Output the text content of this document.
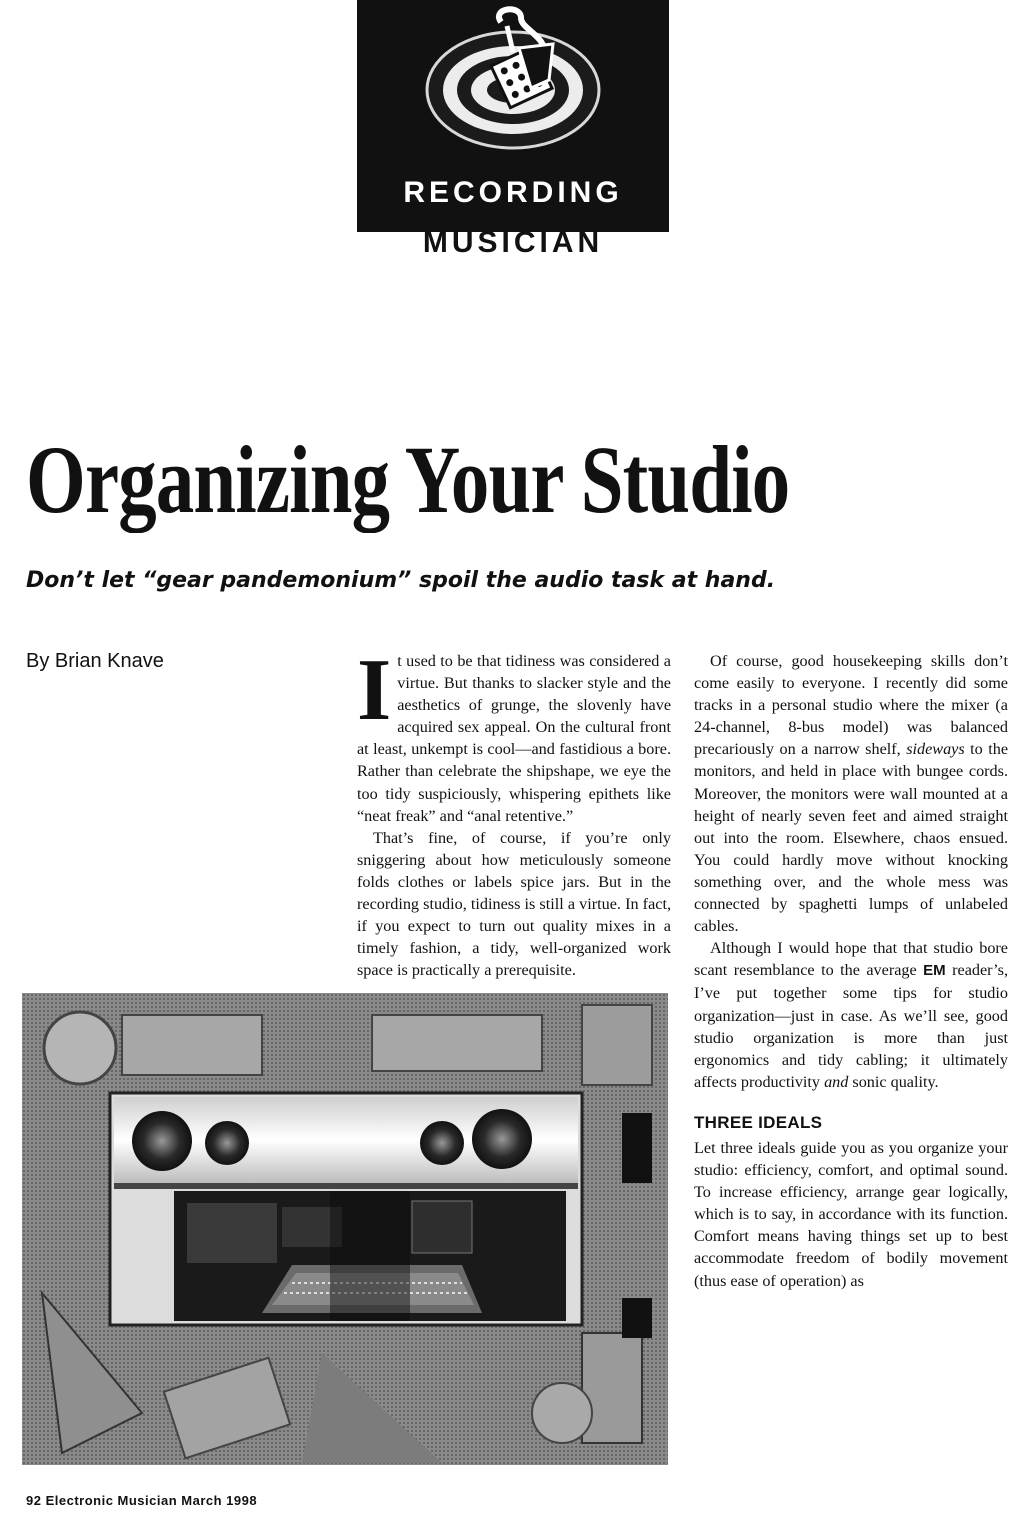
RECORDING
MUSICIAN
Organizing Your Studio
Don’t let “gear pandemonium” spoil the audio task at hand.
By Brian Knave It used to be that tidiness was considered a virtue. But thanks to slacker style and the aesthetics of grunge, the slovenly have acquired sex appeal. On the cultural front at least, unkempt is cool—and fastidious a bore. Rather than celebrate the shipshape, we eye the too tidy suspiciously, whispering epithets like “neat freak” and “anal retentive.”

That’s fine, of course, if you’re only sniggering about how meticulously someone folds clothes or labels spice jars. But in the recording studio, tidiness is still a virtue. In fact, if you expect to turn out quality mixes in a timely fashion, a tidy, well-organized work space is practically a prerequisite.

Of course, good housekeeping skills don’t come easily to everyone. I recently did some tracks in a personal studio where the mixer (a 24-channel, 8-bus model) was balanced precariously on a narrow shelf, sideways to the monitors, and held in place with bungee cords. Moreover, the monitors were wall mounted at a height of nearly seven feet and aimed straight out into the room. Elsewhere, chaos ensued. You could hardly move without knocking something over, and the whole mess was connected by spaghetti lumps of unlabeled cables.

Although I would hope that that studio bore scant resemblance to the average EM reader’s, I’ve put together some tips for studio organization—just in case. As we’ll see, good studio organization is more than just ergonomics and tidy cabling; it ultimately affects productivity and sonic quality.

THREE IDEALS

Let three ideals guide you as you organize your studio: efficiency, comfort, and optimal sound. To increase efficiency, arrange gear logically, which is to say, in accordance with its function. Comfort means having things set up to best accommodate freedom of bodily movement (thus ease of operation) as

92 Electronic Musician March 1998
